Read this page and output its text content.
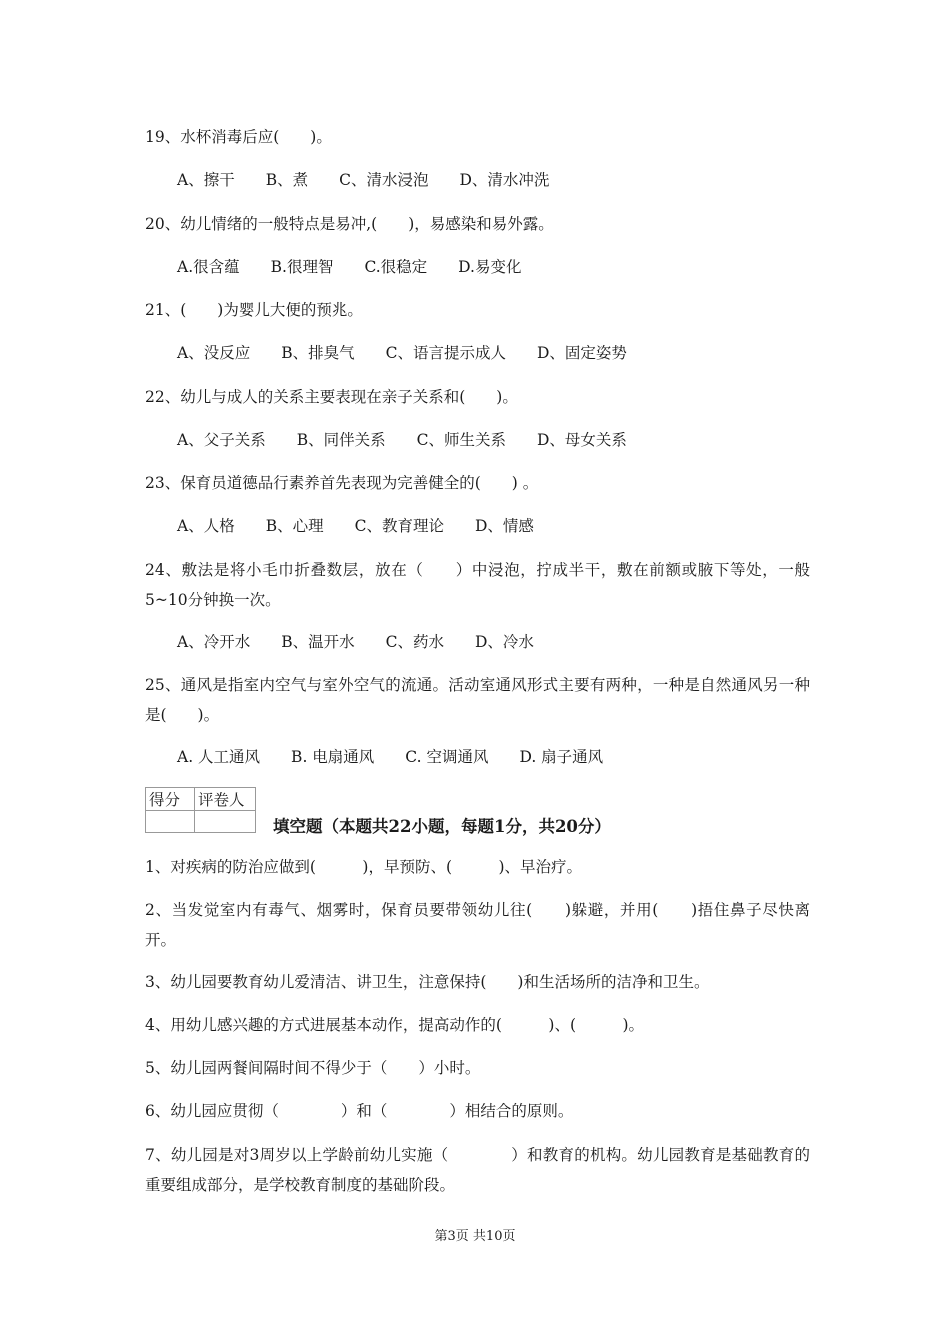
19、水杯消毒后应(　　)。
A、擦干　　B、煮　　C、清水浸泡　　D、清水冲洗
20、幼儿情绪的一般特点是易冲,(　　)，易感染和易外露。
A.很含蕴　　B.很理智　　C.很稳定　　D.易变化
21、(　　)为婴儿大便的预兆。
A、没反应　　B、排臭气　　C、语言提示成人　　D、固定姿势
22、幼儿与成人的关系主要表现在亲子关系和(　　)。
A、父子关系　　B、同伴关系　　C、师生关系　　D、母女关系
23、保育员道德品行素养首先表现为完善健全的(　　) 。
A、人格　　B、心理　　C、教育理论　　D、情感
24、敷法是将小毛巾折叠数层，放在（　　）中浸泡，拧成半干，敷在前额或腋下等处，一般5~10分钟换一次。
A、冷开水　　B、温开水　　C、药水　　D、冷水
25、通风是指室内空气与室外空气的流通。活动室通风形式主要有两种，一种是自然通风另一种是(　　)。
A. 人工通风　　B. 电扇通风　　C. 空调通风　　D. 扇子通风
得分	评卷人

填空题（本题共22小题，每题1分，共20分）
1、对疾病的防治应做到(　　　)，早预防、(　　　)、早治疗。
2、当发觉室内有毒气、烟雾时，保育员要带领幼儿往(　　)躲避，并用(　　)捂住鼻子尽快离开。
3、幼儿园要教育幼儿爱清洁、讲卫生，注意保持(　　)和生活场所的洁净和卫生。
4、用幼儿感兴趣的方式进展基本动作，提高动作的(　　　)、(　　　)。
5、幼儿园两餐间隔时间不得少于（　　）小时。
6、幼儿园应贯彻（　　　　）和（　　　　）相结合的原则。
7、幼儿园是对3周岁以上学龄前幼儿实施（　　　　）和教育的机构。幼儿园教育是基础教育的重要组成部分，是学校教育制度的基础阶段。
第3页 共10页
